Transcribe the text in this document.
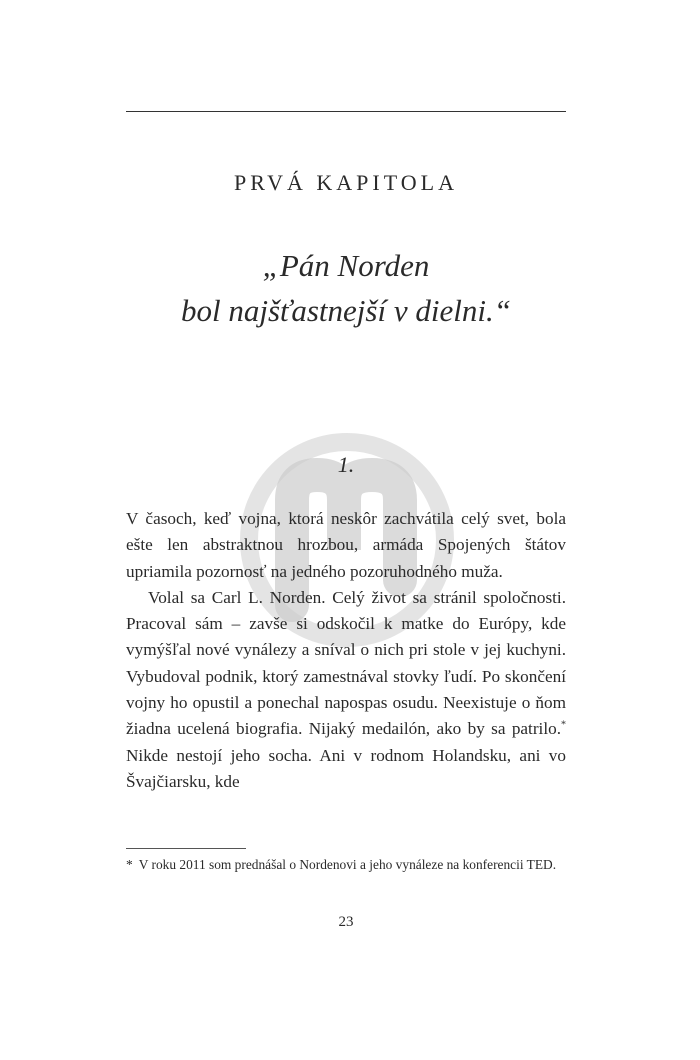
PRVÁ KAPITOLA
„Pán Norden
bol najšťastnejší v dielni.“
1.

V časoch, keď vojna, ktorá neskôr zachvátila celý svet, bola ešte len abstraktnou hrozbou, armáda Spojených štátov upriamila pozornosť na jedného pozoruhodného muža.

Volal sa Carl L. Norden. Celý život sa stránil spoločnosti. Pracoval sám – zavše si odskočil k matke do Európy, kde vymýšľal nové vynálezy a sníval o nich pri stole v jej kuchyni. Vybudoval podnik, ktorý zamestnával stovky ľudí. Po skončení vojny ho opustil a ponechal napospas osudu. Neexistuje o ňom žiadna ucelená biografia. Nijaký medailón, ako by sa patrilo.* Nikde nestojí jeho socha. Ani v rodnom Holandsku, ani vo Švajčiarsku, kde

* V roku 2011 som prednášal o Nordenovi a jeho vynáleze na konferencii TED.
23
